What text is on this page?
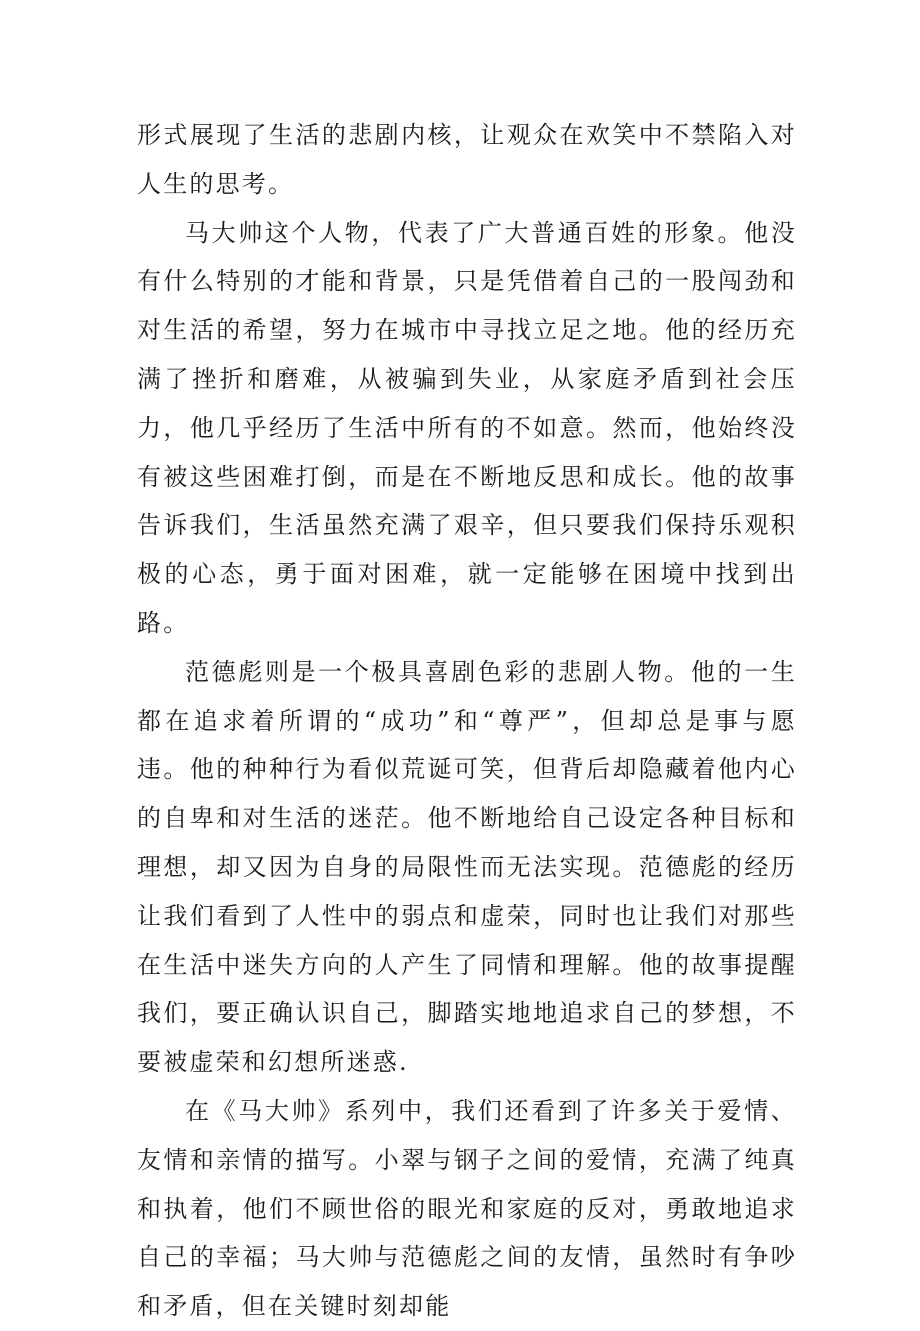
形式展现了生活的悲剧内核，让观众在欢笑中不禁陷入对人生的思考。

马大帅这个人物，代表了广大普通百姓的形象。他没有什么特别的才能和背景，只是凭借着自己的一股闯劲和对生活的希望，努力在城市中寻找立足之地。他的经历充满了挫折和磨难，从被骗到失业，从家庭矛盾到社会压力，他几乎经历了生活中所有的不如意。然而，他始终没有被这些困难打倒，而是在不断地反思和成长。他的故事告诉我们，生活虽然充满了艰辛，但只要我们保持乐观积极的心态，勇于面对困难，就一定能够在困境中找到出路。

范德彪则是一个极具喜剧色彩的悲剧人物。他的一生都在追求着所谓的“成功”和“尊严”，但却总是事与愿违。他的种种行为看似荒诞可笑，但背后却隐藏着他内心的自卑和对生活的迷茫。他不断地给自己设定各种目标和理想，却又因为自身的局限性而无法实现。范德彪的经历让我们看到了人性中的弱点和虚荣，同时也让我们对那些在生活中迷失方向的人产生了同情和理解。他的故事提醒我们，要正确认识自己，脚踏实地地追求自己的梦想，不要被虚荣和幻想所迷惑.

在《马大帅》系列中，我们还看到了许多关于爱情、友情和亲情的描写。小翠与钢子之间的爱情，充满了纯真和执着，他们不顾世俗的眼光和家庭的反对，勇敢地追求自己的幸福；马大帅与范德彪之间的友情，虽然时有争吵和矛盾，但在关键时刻却能
